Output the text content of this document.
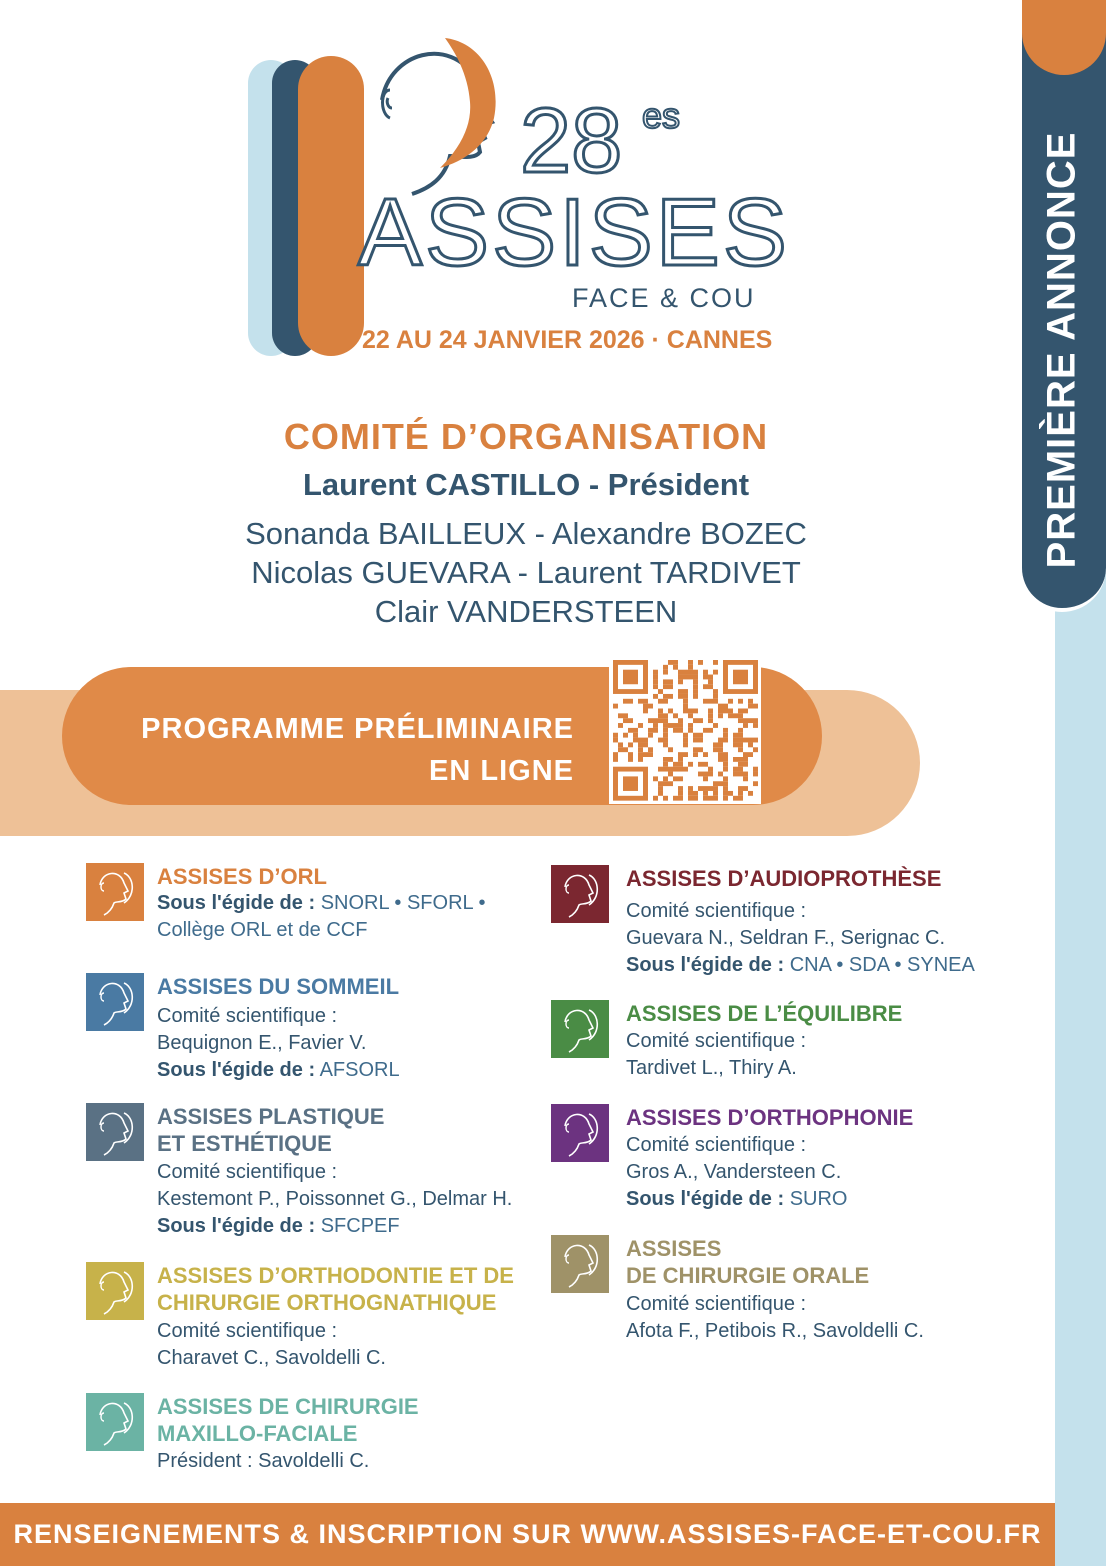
PREMIÈRE ANNONCE
28 es
ASSISES
FACE & COU
22 AU 24 JANVIER 2026 · CANNES
COMITÉ D’ORGANISATION
Laurent CASTILLO - Président
Sonanda BAILLEUX - Alexandre BOZEC
Nicolas GUEVARA - Laurent TARDIVET
Clair VANDERSTEEN
PROGRAMME PRÉLIMINAIRE
EN LIGNE
ASSISES D’ORL
Sous l'égide de : SNORL • SFORL •
Collège ORL et de CCF
ASSISES DU SOMMEIL
Comité scientifique :
Bequignon E., Favier V.
Sous l'égide de : AFSORL
ASSISES PLASTIQUE
ET ESTHÉTIQUE
Comité scientifique :
Kestemont P., Poissonnet G., Delmar H.
Sous l'égide de : SFCPEF
ASSISES D’ORTHODONTIE ET DE
CHIRURGIE ORTHOGNATHIQUE
Comité scientifique :
Charavet C., Savoldelli C.
ASSISES DE CHIRURGIE
MAXILLO-FACIALE
Président : Savoldelli C.
ASSISES D’AUDIOPROTHÈSE
Comité scientifique :
Guevara N., Seldran F., Serignac C.
Sous l'égide de : CNA • SDA • SYNEA
ASSISES DE L’ÉQUILIBRE
Comité scientifique :
Tardivet L., Thiry A.
ASSISES D’ORTHOPHONIE
Comité scientifique :
Gros A., Vandersteen C.
Sous l'égide de : SURO
ASSISES
DE CHIRURGIE ORALE
Comité scientifique :
Afota F., Petibois R., Savoldelli C.
RENSEIGNEMENTS & INSCRIPTION SUR WWW.ASSISES-FACE-ET-COU.FR
